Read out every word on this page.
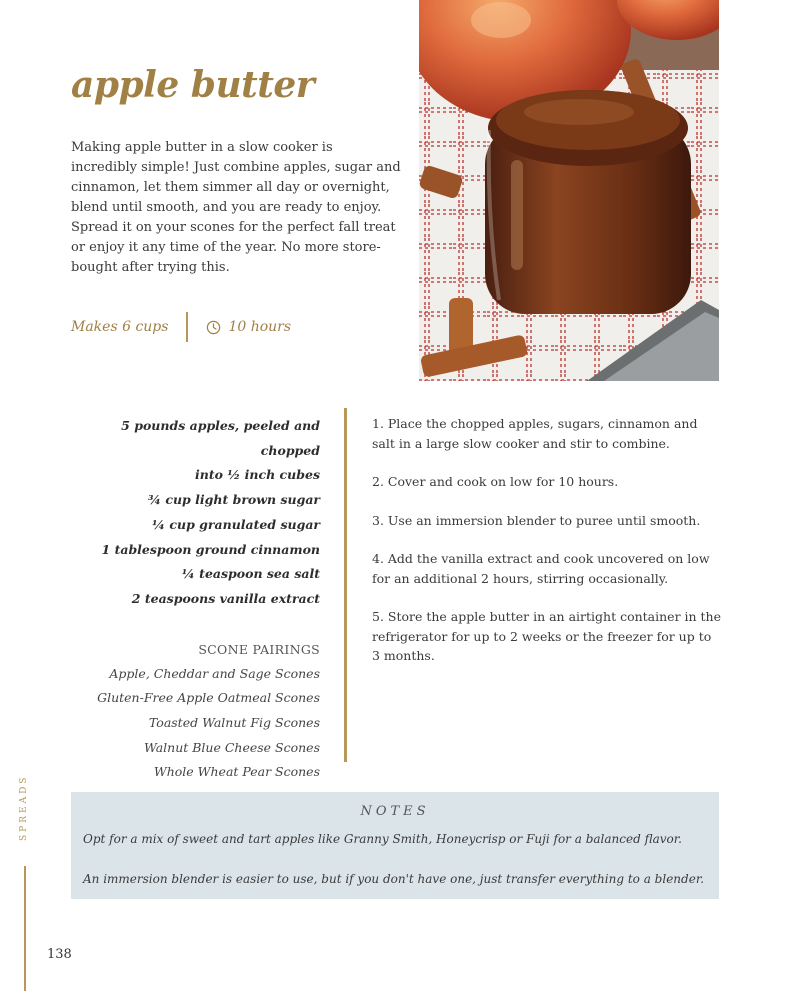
apple butter

Making apple butter in a slow cooker is incredibly simple! Just combine apples, sugar and cinnamon, let them simmer all day or overnight, blend until smooth, and you are ready to enjoy. Spread it on your scones for the perfect fall treat or enjoy it any time of the year. No more store-bought after trying this.

Makes 6 cups	10 hours

5 pounds apples, peeled and chopped

into ½ inch cubes

¾ cup light brown sugar

¼ cup granulated sugar

1 tablespoon ground cinnamon

¼ teaspoon sea salt

2 teaspoons vanilla extract

SCONE PAIRINGS

Apple, Cheddar and Sage Scones

Gluten-Free Apple Oatmeal Scones

Toasted Walnut Fig Scones

Walnut Blue Cheese Scones

Whole Wheat Pear Scones

1. Place the chopped apples, sugars, cinnamon and salt in a large slow cooker and stir to combine.

2. Cover and cook on low for 10 hours.

3. Use an immersion blender to puree until smooth.

4. Add the vanilla extract and cook uncovered on low for an additional 2 hours, stirring occasionally.

5. Store the apple butter in an airtight container in the refrigerator for up to 2 weeks or the freezer for up to 3 months.

NOTES

Opt for a mix of sweet and tart apples like Granny Smith, Honeycrisp or Fuji for a balanced flavor.

An immersion blender is easier to use, but if you don't have one, just transfer everything to a blender.

SPREADS
138
